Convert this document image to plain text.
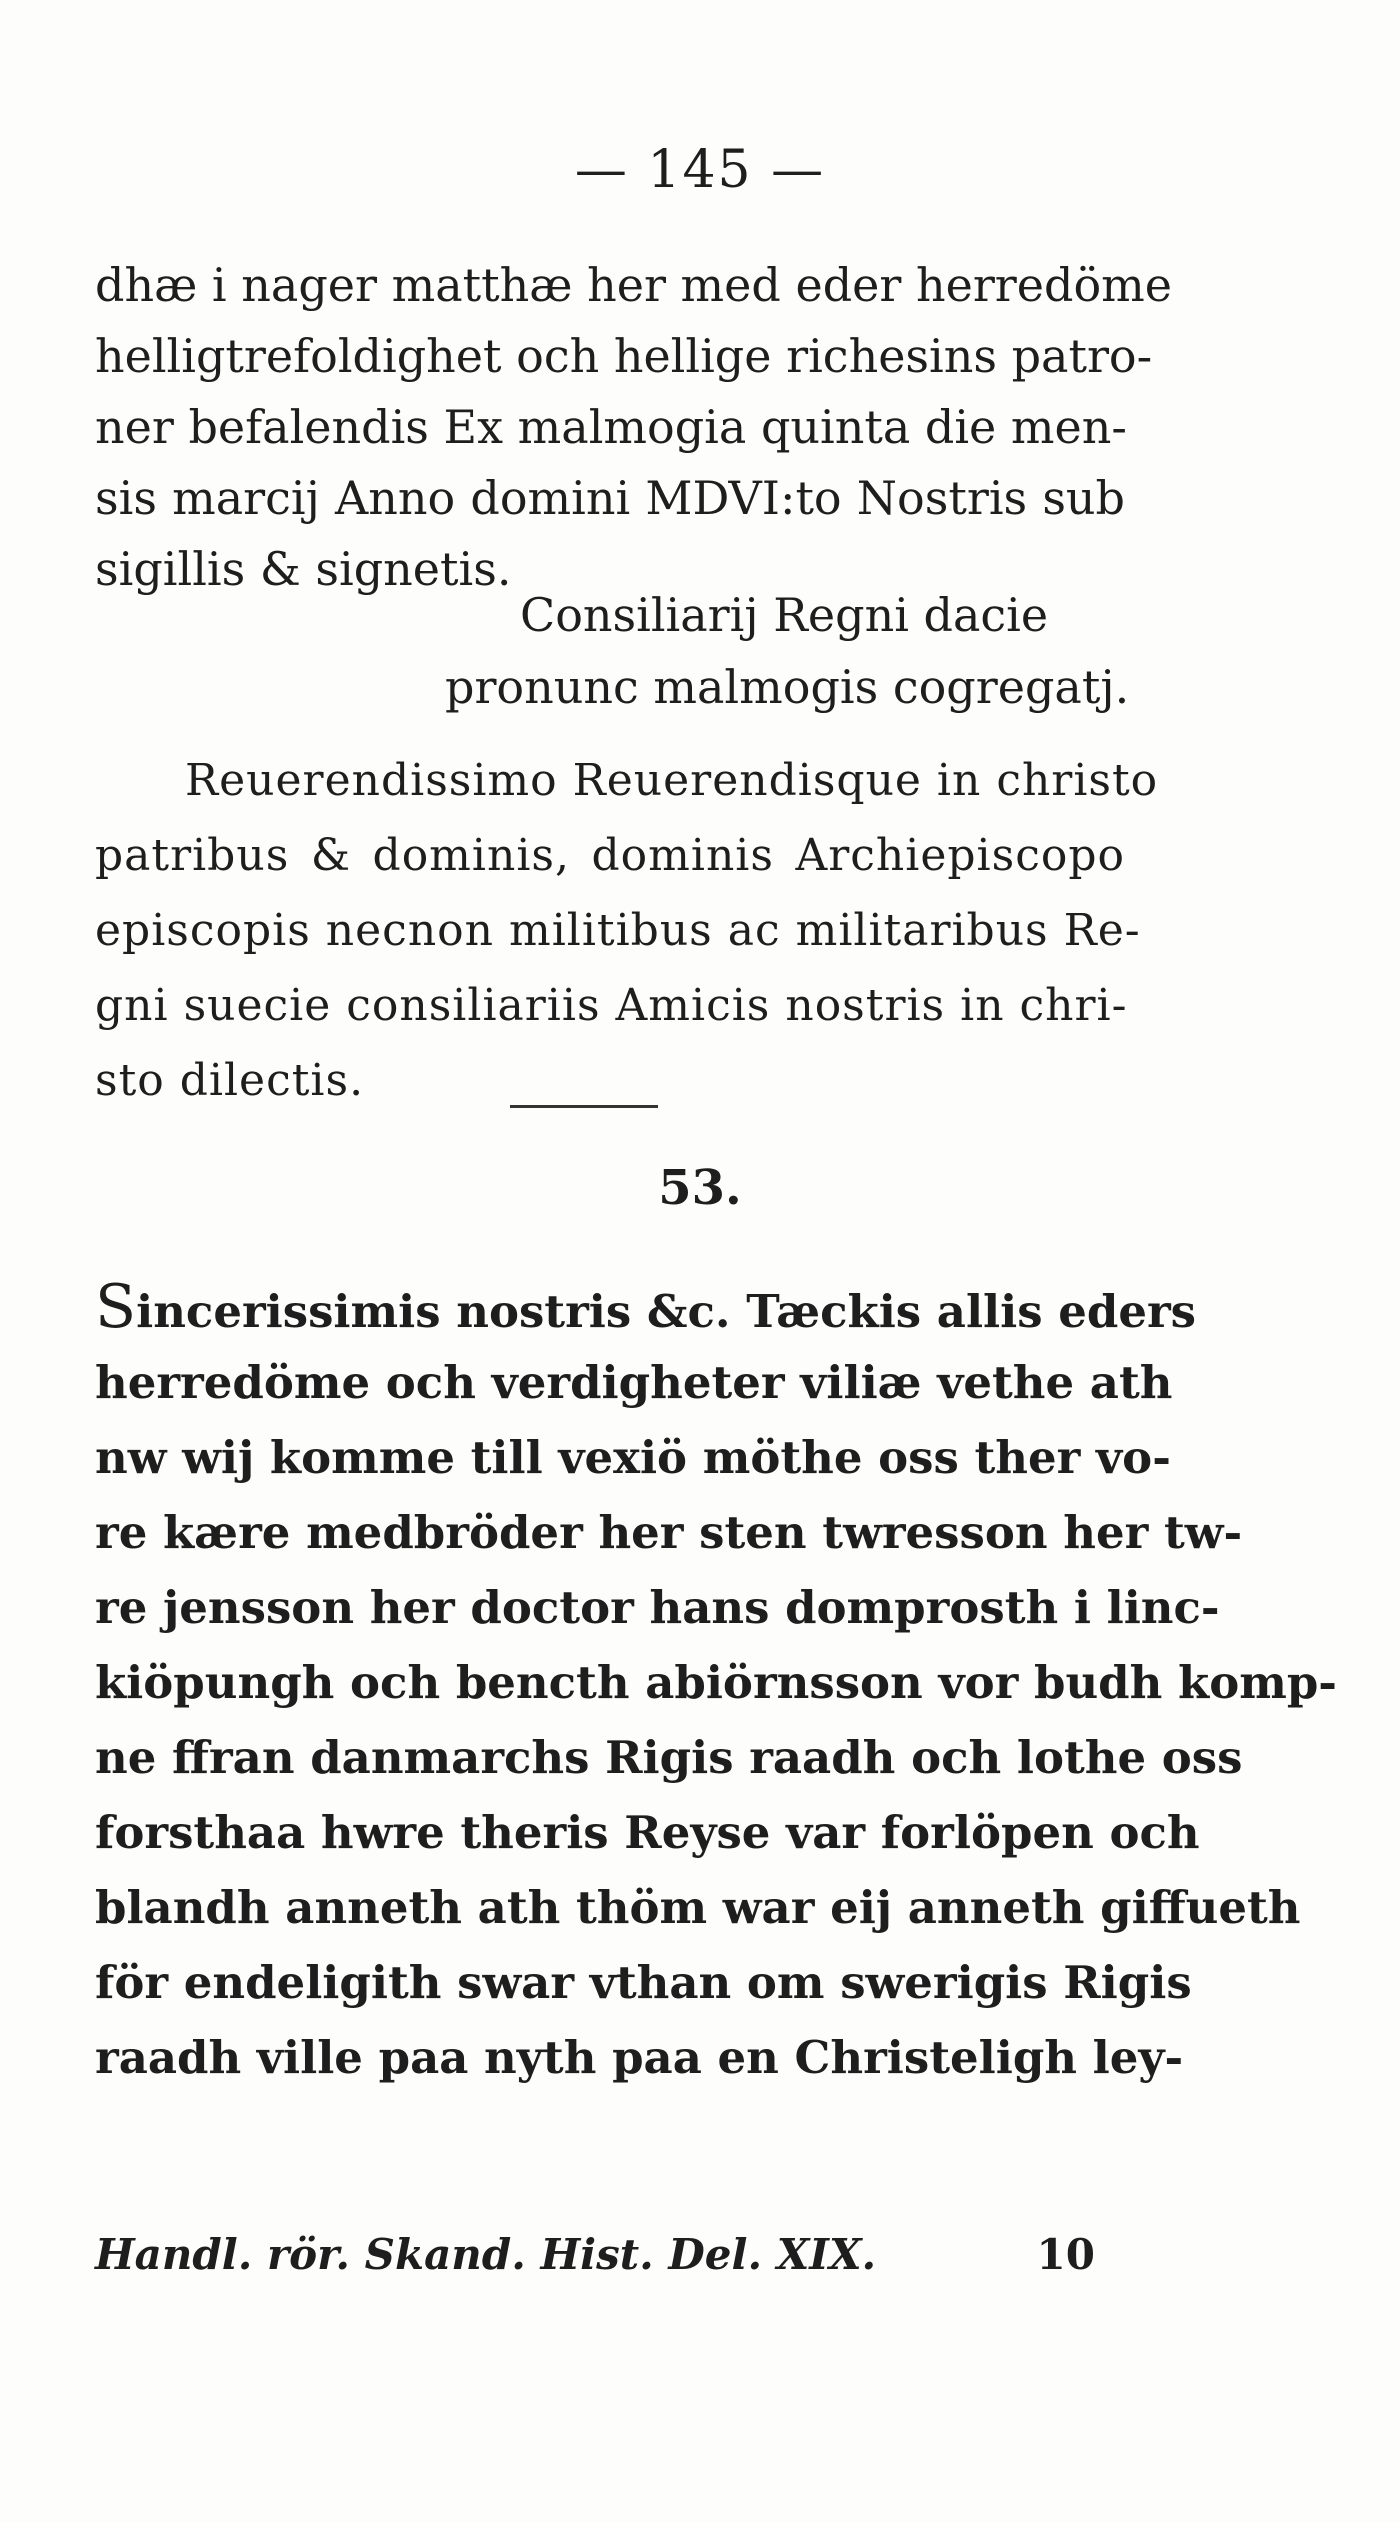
— 145 —
dhæ i nager matthæ her med eder herredöme
helligtrefoldighet och hellige richesins patro-
ner befalendis Ex malmogia quinta die men-
sis marcij Anno domini MDVI:to Nostris sub
sigillis & signetis.
Consiliarij Regni dacie
pronunc malmogis cogregatj.
Reuerendissimo Reuerendisque in christo
patribus & dominis, dominis Archiepiscopo
episcopis necnon militibus ac militaribus Re-
gni suecie consiliariis Amicis nostris in chri-
sto dilectis.
53.
Sincerissimis nostris &c. Tæckis allis eders
herredöme och verdigheter viliæ vethe ath
nw wij komme till vexiö möthe oss ther vo-
re kære medbröder her sten twresson her tw-
re jensson her doctor hans domprosth i linc-
kiöpungh och bencth abiörnsson vor budh komp-
ne ffran danmarchs Rigis raadh och lothe oss
forsthaa hwre theris Reyse var forlöpen och
blandh anneth ath thöm war eij anneth giffueth
för endeligith swar vthan om swerigis Rigis
raadh ville paa nyth paa en Christeligh ley-
Handl. rör. Skand. Hist. Del. XIX.	10
